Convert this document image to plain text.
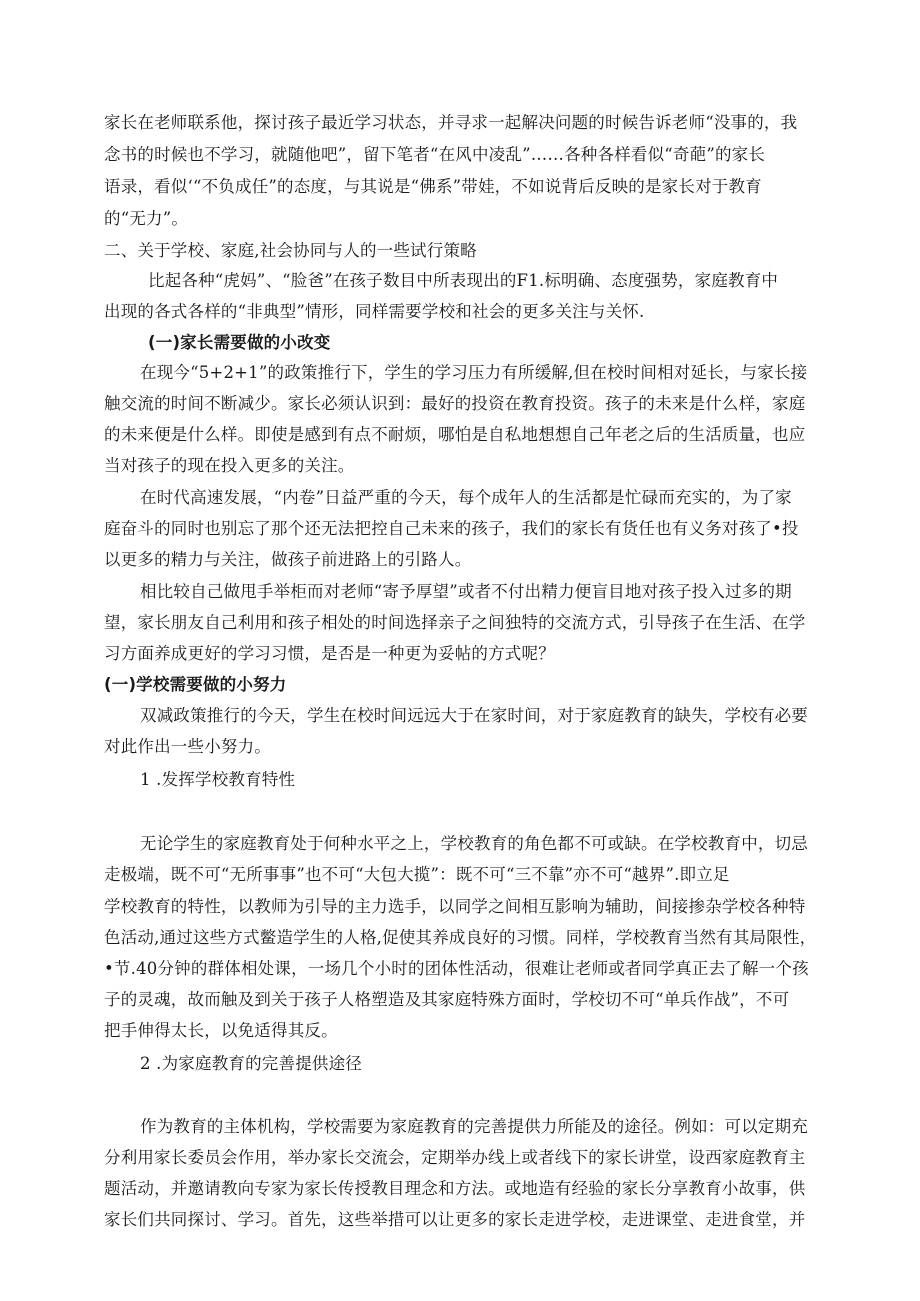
家长在老师联系他，探讨孩子最近学习状态，并寻求一起解决问题的时候告诉老师“没事的，我
念书的时候也不学习，就随他吧”，留下笔者“在风中凌乱”……各种各样看似“奇葩”的家长
语录，看似‘“不负成任”的态度，与其说是“佛系”带娃，不如说背后反映的是家长对于教育
的“无力”。
二、关于学校、家庭,社会协同与人的一些试行策略
比起各种“虎妈”、“脸爸”在孩子数目中所表现出的F1.标明确、态度强势，家庭教育中
出现的各式各样的“非典型”情形，同样需要学校和社会的更多关注与关怀.
(一)家长需要做的小改变
在现今“5+2+1”的政策推行下，学生的学习压力有所缓解,但在校时间相对延长，与家长接
触交流的时间不断减少。家长必须认识到：最好的投资在教育投资。孩子的未来是什么样，家庭
的未来便是什么样。即使是感到有点不耐烦，哪怕是自私地想想自己年老之后的生活质量，也应
当对孩子的现在投入更多的关注。
在时代高速发展，“内卷”日益严重的今天，每个成年人的生活都是忙碌而充实的，为了家
庭奋斗的同时也别忘了那个还无法把控自己未来的孩子，我们的家长有货任也有义务对孩了•投
以更多的精力与关注，做孩子前进路上的引路人。
相比较自己做甩手举柜而对老师“寄予厚望”或者不付出精力便盲目地对孩子投入过多的期
望，家长朋友自己利用和孩子相处的时间选择亲子之间独特的交流方式，引导孩子在生活、在学
习方面养成更好的学习习惯，是否是一种更为妥帖的方式呢？
(一)学校需要做的小努力
双减政策推行的今天，学生在校时间远远大于在家时间，对于家庭教育的缺失，学校有必要
对此作出一些小努力。
1 .发挥学校教育特性
无论学生的家庭教育处于何种水平之上，学校教育的角色都不可或缺。在学校教育中，切忌
走极端，既不可“无所事事”也不可“大包大揽”：既不可“三不靠”亦不可“越界”.即立足
学校教育的特性，以教师为引导的主力选手，以同学之间相互影响为辅助，间接掺杂学校各种特
色活动,通过这些方式鳖造学生的人格,促使其养成良好的习惯。同样，学校教育当然有其局限性，
•节.40分钟的群体相处课，一场几个小时的团体性活动，很难让老师或者同学真正去了解一个孩
子的灵魂，故而触及到关于孩子人格塑造及其家庭特殊方面时，学校切不可“单兵作战”，不可
把手伸得太长，以免适得其反。
2 .为家庭教育的完善提供途径
作为教育的主体机构，学校需要为家庭教育的完善提供力所能及的途径。例如：可以定期充
分利用家长委员会作用，举办家长交流会，定期举办线上或者线下的家长讲堂，设西家庭教育主
题活动，并邀请教向专家为家长传授教目理念和方法。或地造有经验的家长分享教育小故事，供
家长们共同探讨、学习。首先，这些举措可以让更多的家长走进学校，走进课堂、走进食堂，并
